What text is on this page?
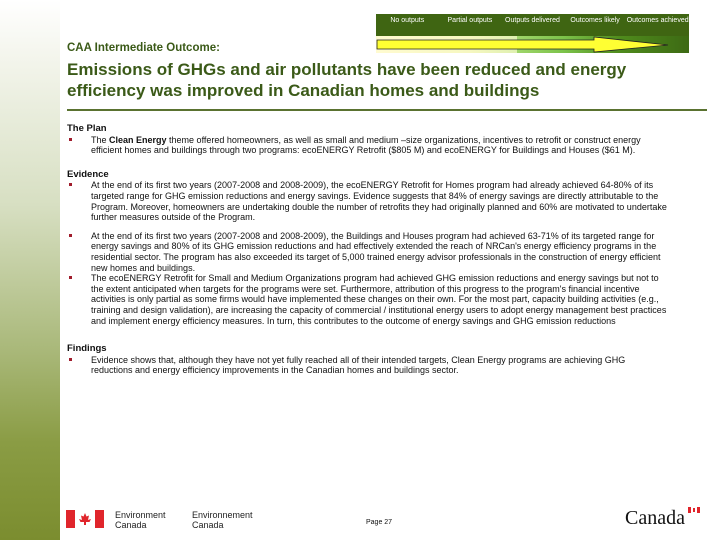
No outputs	Partial outputs	Outputs delivered	Outcomes likely Outcomes achieved
CAA Intermediate Outcome:
Emissions of GHGs and air pollutants have been reduced and energy efficiency was improved in Canadian homes and buildings

The Plan

The Clean Energy theme offered homeowners, as well as small and medium –size organizations, incentives to retrofit or construct energy efficient homes and buildings through two programs: ecoENERGY Retrofit ($805 M) and ecoENERGY for Buildings and Houses ($61 M).

Evidence

At the end of its first two years (2007-2008 and 2008-2009), the ecoENERGY Retrofit for Homes program had already achieved 64-80% of its targeted range for GHG emission reductions and energy savings. Evidence suggests that 84% of energy savings are directly attributable to the Program. Moreover, homeowners are undertaking double the number of retrofits they had originally planned and 60% are motivated to undertake further measures outside of the Program.

At the end of its first two years (2007-2008 and 2008-2009), the Buildings and Houses program had achieved 63-71% of its targeted range for energy savings and 80% of its GHG emission reductions and had effectively extended the reach of NRCan's energy efficiency programs in the residential sector. The program has also exceeded its target of 5,000 trained energy advisor professionals in the construction of energy efficient new homes and buildings.

The ecoENERGY Retrofit for Small and Medium Organizations program had achieved GHG emission reductions and energy savings but not to the extent anticipated when targets for the programs were set. Furthermore, attribution of this progress to the program's financial incentive activities is only partial as some firms would have implemented these changes on their own. For the most part, capacity building activities (e.g., training and design validation), are increasing the capacity of commercial / institutional energy users to adopt energy management best practices and implement energy efficiency measures. In turn, this contributes to the outcome of energy savings and GHG emission reductions

Findings

Evidence shows that, although they have not yet fully reached all of their intended targets, Clean Energy programs are achieving GHG reductions and energy efficiency improvements in the Canadian homes and buildings sector.

Environment
Canada
Environnement
Canada	Page 27	Canada
